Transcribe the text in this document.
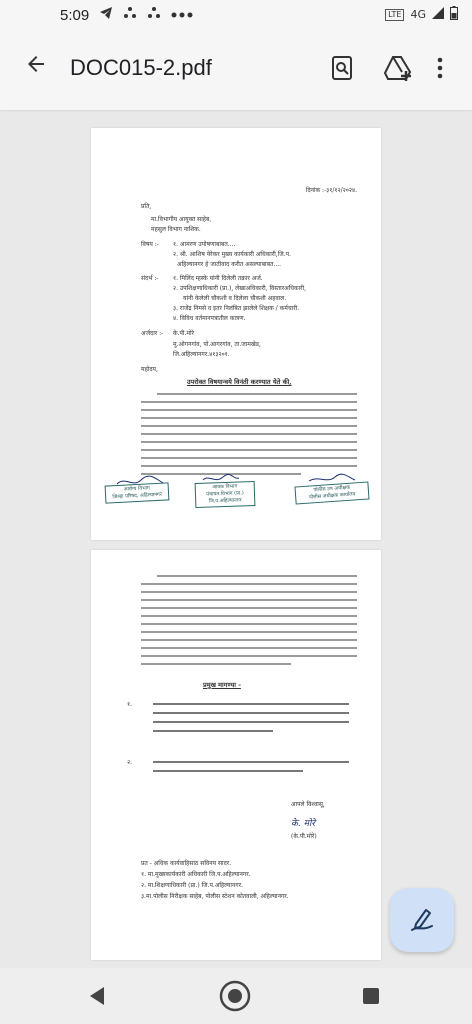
5:09	LTE 4G
DOC015-2.pdf
दिनांक :-३१/१२/२०२४.
प्रति,
मा.विभागीय आयुक्त साहेब,
महसुल विभाग नाशिक.
विषय :- १. आमरण उपोषणाबाबत....
२. श्री. आशिष येरेकर मुख्य कार्यकारी अधिकारी,जि.प.
अहिल्यानगर हे जातीवाद करीत असल्याबाबत....
संदर्भ :- १. मिलिंद म्हस्के यांनी दिलेली तक्रार अर्ज.
२. उपशिक्षणाधिकारी (प्रा.), लेखाअधिकारी, विस्तारअधिकारी,
यांनी केलेली चौकशी व दिलेला चौकशी अहवाल.
३. राजेंद्र निमसे व इतर निलंबित झालेले शिक्षक / कर्मचारी.
४. विविध वर्तमानपत्रातील कात्रण.
अर्जदार :- के.पी.मोरे
मु.ओगनगांव, पो.आगरगांव, ता.जामखेड,
जि.अहिल्यानगर.४१३२०१.
महोदय,
उपरोक्त विषयान्वये विनंती करण्यात येते की,
आरोग्य विभाग
जिल्हा परिषद, अहिल्यानगर
आवक विभाग
पंचायत विभाग (प्रा.)
जि.प.अहिल्यानगर
पोलीस उप अधीक्षक
पोलीस अधीक्षक कार्यालय
प्रमुख मागण्या -
१.
२.
आपले विश्वासू,
के. मोरे
(के.पी.मोरे)
प्रत - अधिक कार्यवाहिसाठ सविनय सादर.
१. मा.मुख्यकार्यकारी अधिकारी जि.प.अहिल्यानगर.
२. मा.शिक्षणाधिकारी (प्रा.) जि.प.अहिल्यानगर.
३.मा.पोलीस निरीक्षक साहेब, पोलीस स्टेशन कोतवाली, अहिल्यानगर.
